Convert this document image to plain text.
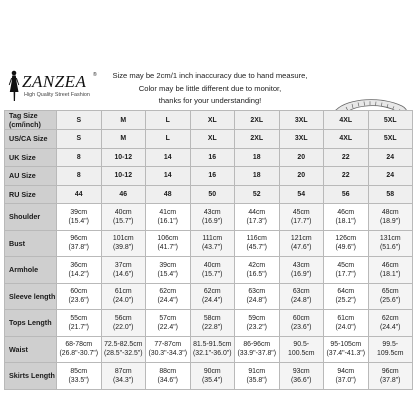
ZANZEA ®
High Quality Street Fashion
Size may be 2cm/1 inch inaccuracy due to hand measure,
Color may be little different due to monitor,
thanks for your understanding!
Tag Size (cm/inch)	S	M	L	XL	2XL	3XL	4XL	5XL
US/CA Size	S	M	L	XL	2XL	3XL	4XL	5XL
UK Size	8	10-12	14	16	18	20	22	24
AU Size	8	10-12	14	16	18	20	22	24
RU Size	44	46	48	50	52	54	56	58
Shoulder	39cm
(15.4")	40cm
(15.7")	41cm
(16.1")	43cm
(16.9")	44cm
(17.3")	45cm
(17.7")	46cm
(18.1")	48cm
(18.9")

Bust	96cm
(37.8")	101cm
(39.8")	106cm
(41.7")	111cm
(43.7")	116cm
(45.7")	121cm
(47.6")	126cm
(49.6")	131cm
(51.6")

Armhole	36cm
(14.2")	37cm
(14.6")	39cm
(15.4")	40cm
(15.7")	42cm
(16.5")	43cm
(16.9")	45cm
(17.7")	46cm
(18.1")

Sleeve length	60cm
(23.6")	61cm
(24.0")	62cm
(24.4")	62cm
(24.4")	63cm
(24.8")	63cm
(24.8")	64cm
(25.2")	65cm
(25.6")

Tops Length	55cm
(21.7")	56cm
(22.0")	57cm
(22.4")	58cm
(22.8")	59cm
(23.2")	60cm
(23.6")	61cm
(24.0")	62cm
(24.4")

Waist	68-78cm
(26.8"-30.7")	72.5-82.5cm
(28.5"-32.5")	77-87cm
(30.3"-34.3")	81.5-91.5cm
(32.1"-36.0")	86-96cm
(33.9"-37.8")	90.5-
100.5cm	95-105cm
(37.4"-41.3")	99.5-
109.5cm

Skirts Length	85cm
(33.5")	87cm
(34.3")	88cm
(34.6")	90cm
(35.4")	91cm
(35.8")	93cm
(36.6")	94cm
(37.0")	96cm
(37.8")
